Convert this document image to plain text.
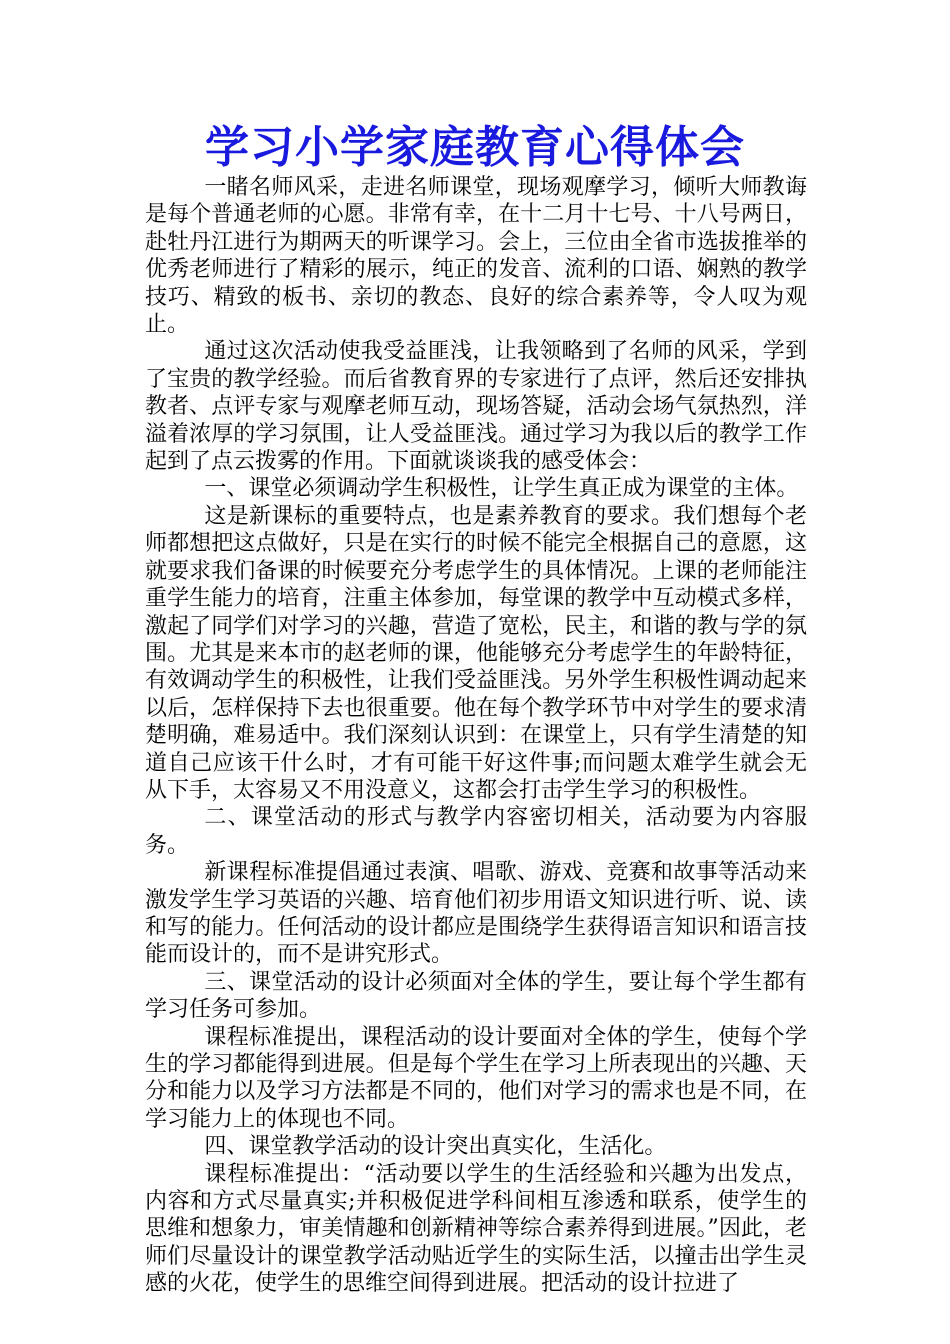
学习小学家庭教育心得体会

一睹名师风采，走进名师课堂，现场观摩学习，倾听大师教诲是每个普通老师的心愿。非常有幸，在十二月十七号、十八号两日，赴牡丹江进行为期两天的听课学习。会上，三位由全省市选拔推举的优秀老师进行了精彩的展示，纯正的发音、流利的口语、娴熟的教学技巧、精致的板书、亲切的教态、良好的综合素养等，令人叹为观止。

通过这次活动使我受益匪浅，让我领略到了名师的风采，学到了宝贵的教学经验。而后省教育界的专家进行了点评，然后还安排执教者、点评专家与观摩老师互动，现场答疑，活动会场气氛热烈，洋溢着浓厚的学习氛围，让人受益匪浅。通过学习为我以后的教学工作起到了点云拨雾的作用。下面就谈谈我的感受体会：

一、课堂必须调动学生积极性，让学生真正成为课堂的主体。

这是新课标的重要特点，也是素养教育的要求。我们想每个老师都想把这点做好，只是在实行的时候不能完全根据自己的意愿，这就要求我们备课的时候要充分考虑学生的具体情况。上课的老师能注重学生能力的培育，注重主体参加，每堂课的教学中互动模式多样，激起了同学们对学习的兴趣，营造了宽松，民主，和谐的教与学的氛围。尤其是来本市的赵老师的课，他能够充分考虑学生的年龄特征，有效调动学生的积极性，让我们受益匪浅。另外学生积极性调动起来以后，怎样保持下去也很重要。他在每个教学环节中对学生的要求清楚明确，难易适中。我们深刻认识到：在课堂上，只有学生清楚的知道自己应该干什么时，才有可能干好这件事;而问题太难学生就会无从下手，太容易又不用没意义，这都会打击学生学习的积极性。

二、课堂活动的形式与教学内容密切相关，活动要为内容服务。

新课程标准提倡通过表演、唱歌、游戏、竞赛和故事等活动来激发学生学习英语的兴趣、培育他们初步用语文知识进行听、说、读和写的能力。任何活动的设计都应是围绕学生获得语言知识和语言技能而设计的，而不是讲究形式。

三、课堂活动的设计必须面对全体的学生，要让每个学生都有学习任务可参加。

课程标准提出，课程活动的设计要面对全体的学生，使每个学生的学习都能得到进展。但是每个学生在学习上所表现出的兴趣、天分和能力以及学习方法都是不同的，他们对学习的需求也是不同，在学习能力上的体现也不同。

四、课堂教学活动的设计突出真实化，生活化。

课程标准提出：“活动要以学生的生活经验和兴趣为出发点，内容和方式尽量真实;并积极促进学科间相互渗透和联系，使学生的思维和想象力，审美情趣和创新精神等综合素养得到进展。”因此，老师们尽量设计的课堂教学活动贴近学生的实际生活，以撞击出学生灵感的火花，使学生的思维空间得到进展。把活动的设计拉进了
